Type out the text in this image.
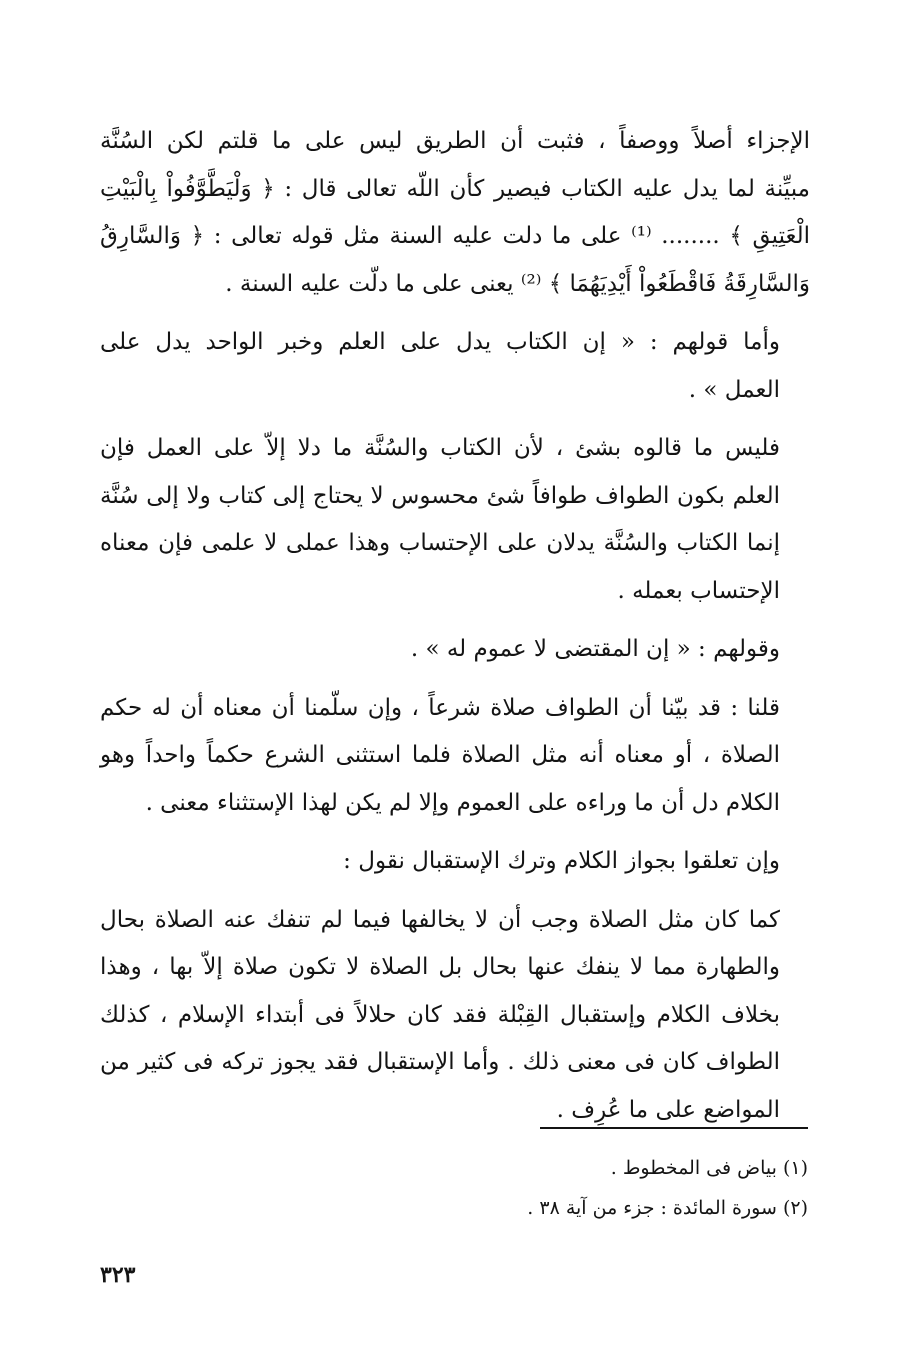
الإجزاء أصلاً ووصفاً ، فثبت أن الطريق ليس على ما قلتم لكن السُنَّة
مبيِّنة لما يدل عليه الكتاب فيصير كأن اللّه تعالى قال : ﴿ وَلْيَطَّوَّفُواْ بِالْبَيْتِ
الْعَتِيقِ ﴾ ........ ⁽¹⁾ على ما دلت عليه السنة مثل قوله تعالى : ﴿ وَالسَّارِقُ
وَالسَّارِقَةُ فَاقْطَعُواْ أَيْدِيَهُمَا ﴾ ⁽²⁾ يعنى على ما دلّت عليه السنة .
وأما قولهم : « إن الكتاب يدل على العلم وخبر الواحد يدل على
العمل » .
فليس ما قالوه بشئ ، لأن الكتاب والسُنَّة ما دلا إلاّ على العمل فإن
العلم بكون الطواف طوافاً شئ محسوس لا يحتاج إلى كتاب ولا إلى سُنَّة
إنما الكتاب والسُنَّة يدلان على الإحتساب وهذا عملى لا علمى فإن معناه
الإحتساب بعمله .
وقولهم : « إن المقتضى لا عموم له » .
قلنا : قد بيّنا أن الطواف صلاة شرعاً ، وإن سلّمنا أن معناه أن له حكم
الصلاة ، أو معناه أنه مثل الصلاة فلما استثنى الشرع حكماً واحداً وهو
الكلام دل أن ما وراءه على العموم وإلا لم يكن لهذا الإستثناء معنى .
وإن تعلقوا بجواز الكلام وترك الإستقبال نقول :
كما كان مثل الصلاة وجب أن لا يخالفها فيما لم تنفك عنه الصلاة بحال
والطهارة مما لا ينفك عنها بحال بل الصلاة لا تكون صلاة إلاّ بها ، وهذا
بخلاف الكلام وإستقبال القِبْلة فقد كان حلالاً فى أبتداء الإسلام ، كذلك
الطواف كان فى معنى ذلك . وأما الإستقبال فقد يجوز تركه فى كثير من
المواضع على ما عُرِف .
(١) بياض فى المخطوط .
(٢) سورة المائدة : جزء من آية ٣٨ .
٣٢٣
